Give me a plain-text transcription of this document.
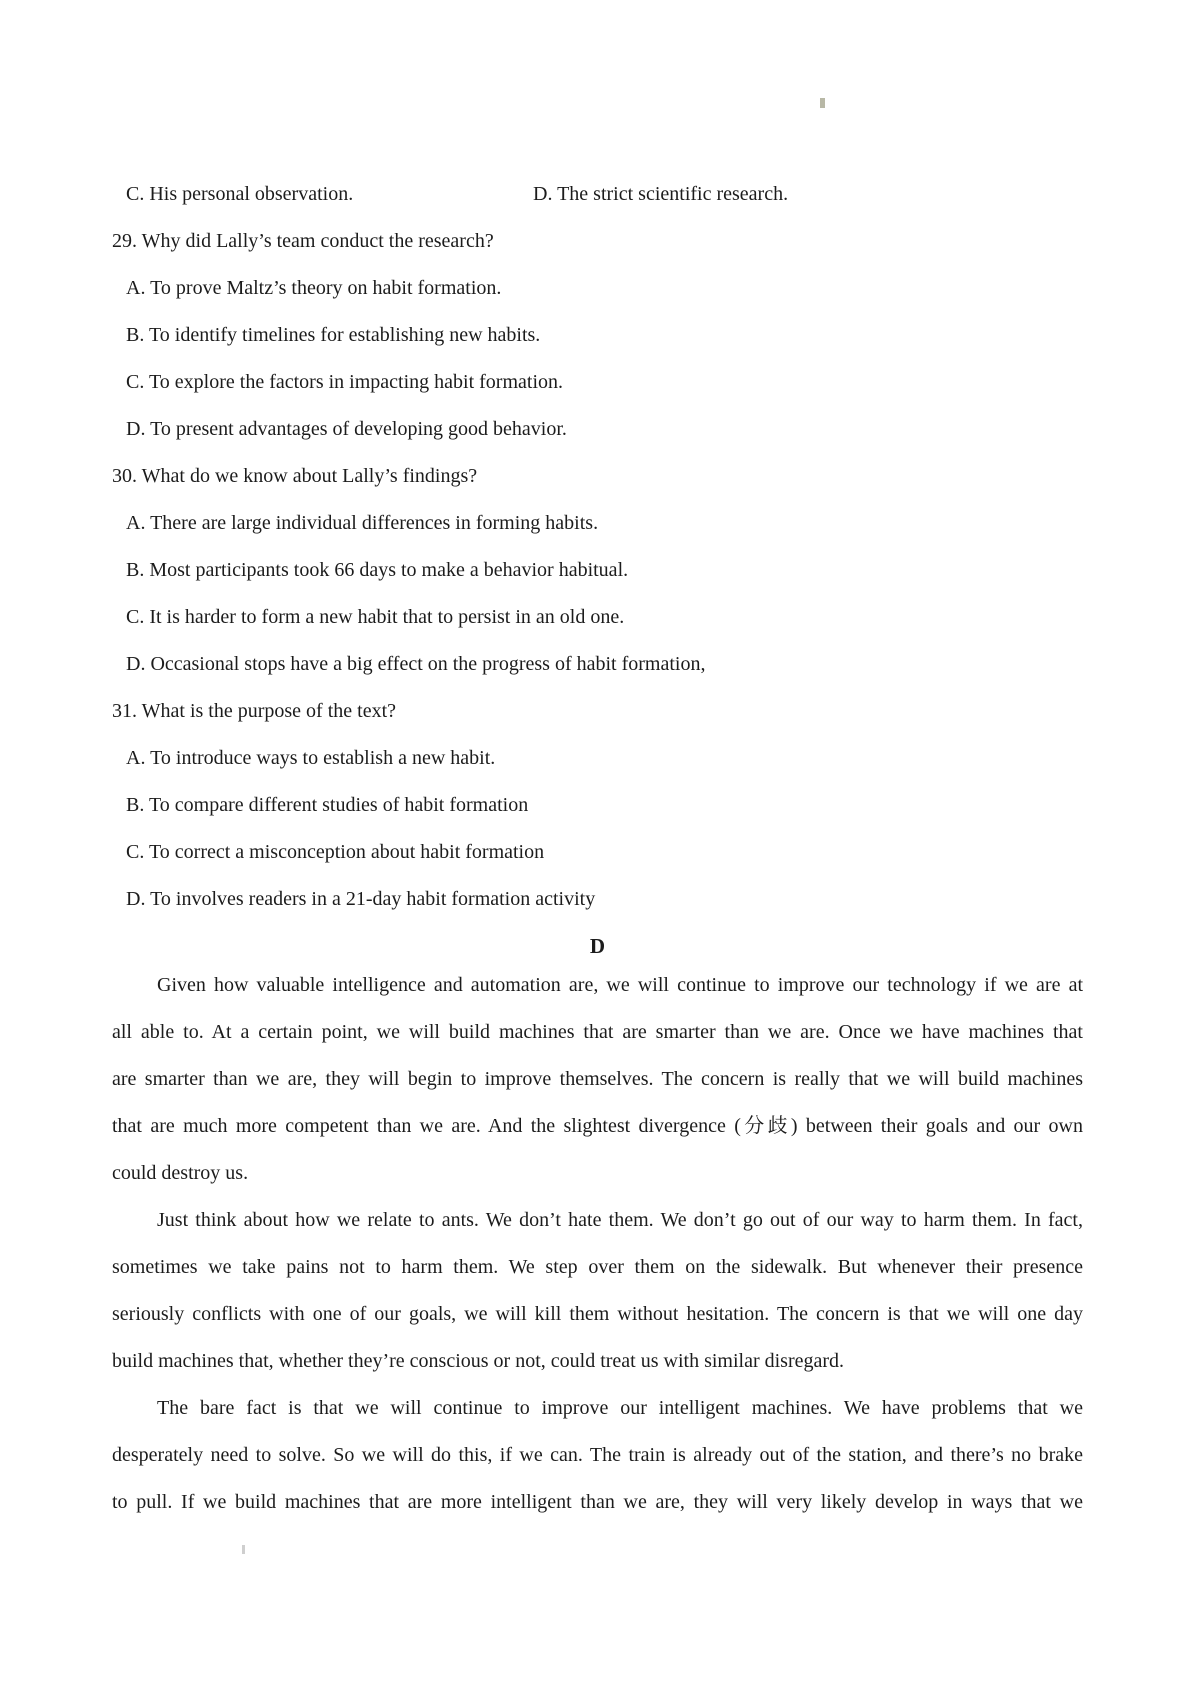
C. His personal observation.	D. The strict scientific research.
29. Why did Lally’s team conduct the research?
A. To prove Maltz’s theory on habit formation.
B. To identify timelines for establishing new habits.
C. To explore the factors in impacting habit formation.
D. To present advantages of developing good behavior.
30. What do we know about Lally’s findings?
A. There are large individual differences in forming habits.
B. Most participants took 66 days to make a behavior habitual.
C. It is harder to form a new habit that to persist in an old one.
D. Occasional stops have a big effect on the progress of habit formation,
31. What is the purpose of the text?
A. To introduce ways to establish a new habit.
B. To compare different studies of habit formation
C. To correct a misconception about habit formation
D. To involves readers in a 21-day habit formation activity
D
Given how valuable intelligence and automation are, we will continue to improve our technology if we are at
all able to. At a certain point, we will build machines that are smarter than we are. Once we have machines that
are smarter than we are, they will begin to improve themselves. The concern is really that we will build machines
that are much more competent than we are. And the slightest divergence (分歧) between their goals and our own
could destroy us.
Just think about how we relate to ants. We don’t hate them. We don’t go out of our way to harm them. In fact,
sometimes we take pains not to harm them. We step over them on the sidewalk. But whenever their presence
seriously conflicts with one of our goals, we will kill them without hesitation. The concern is that we will one day
build machines that, whether they’re conscious or not, could treat us with similar disregard.
The bare fact is that we will continue to improve our intelligent machines. We have problems that we
desperately need to solve. So we will do this, if we can. The train is already out of the station, and there’s no brake
to pull. If we build machines that are more intelligent than we are, they will very likely develop in ways that we
